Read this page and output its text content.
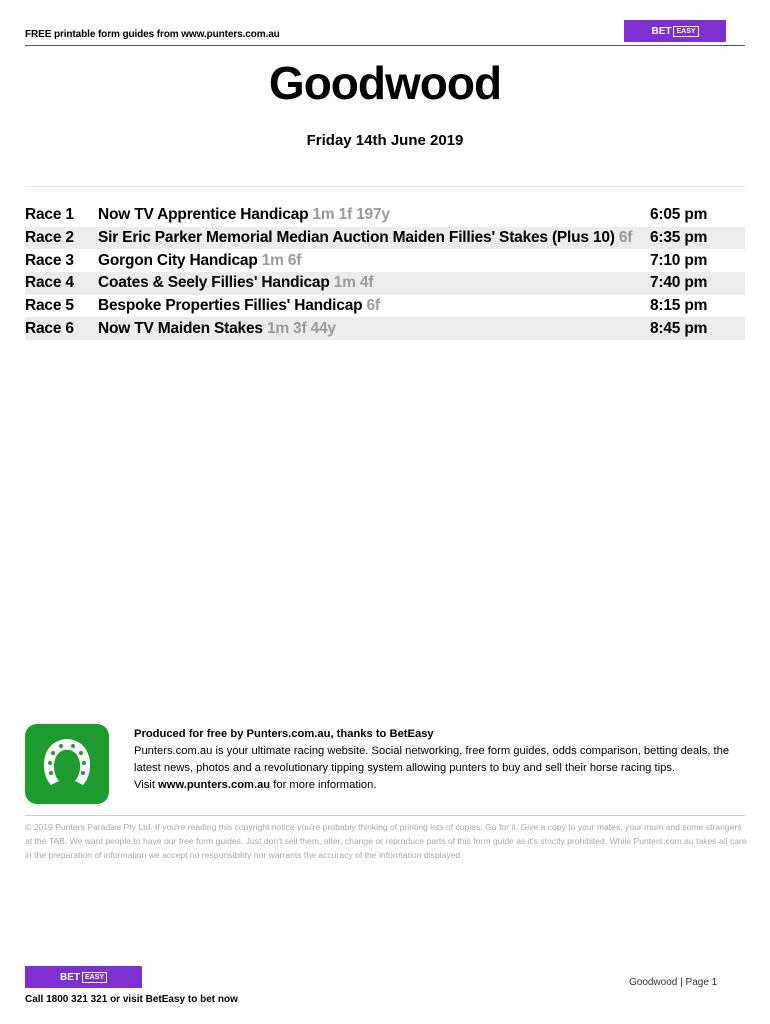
FREE printable form guides from www.punters.com.au	BET EASY
Goodwood
Friday 14th June 2019
Race 1 Now TV Apprentice Handicap 1m 1f 197y	6:05 pm
Race 2 Sir Eric Parker Memorial Median Auction Maiden Fillies' Stakes (Plus 10) 6f 6:35 pm
Race 3 Gorgon City Handicap 1m 6f	7:10 pm
Race 4 Coates & Seely Fillies' Handicap 1m 4f	7:40 pm
Race 5 Bespoke Properties Fillies' Handicap 6f	8:15 pm
Race 6 Now TV Maiden Stakes 1m 3f 44y	8:45 pm
Produced for free by Punters.com.au, thanks to BetEasy
Punters.com.au is your ultimate racing website. Social networking, free form guides, odds comparison, betting deals, the latest news, photos and a revolutionary tipping system allowing punters to buy and sell their horse racing tips.
Visit www.punters.com.au for more information.
© 2019 Punters Paradise Pty Ltd. If you're reading this copyright notice you're probably thinking of printing lots of copies. Go for it. Give a copy to your mates, your mum and some strangers at the TAB. We want people to have our free form guides. Just don't sell them, alter, change or reproduce parts of this form guide as it's strictly prohibited. While Punters.com.au takes all care in the preparation of information we accept no responsibility nor warrants the accuracy of the information displayed.
BET EASY
Call 1800 321 321 or visit BetEasy to bet now
Goodwood | Page 1
